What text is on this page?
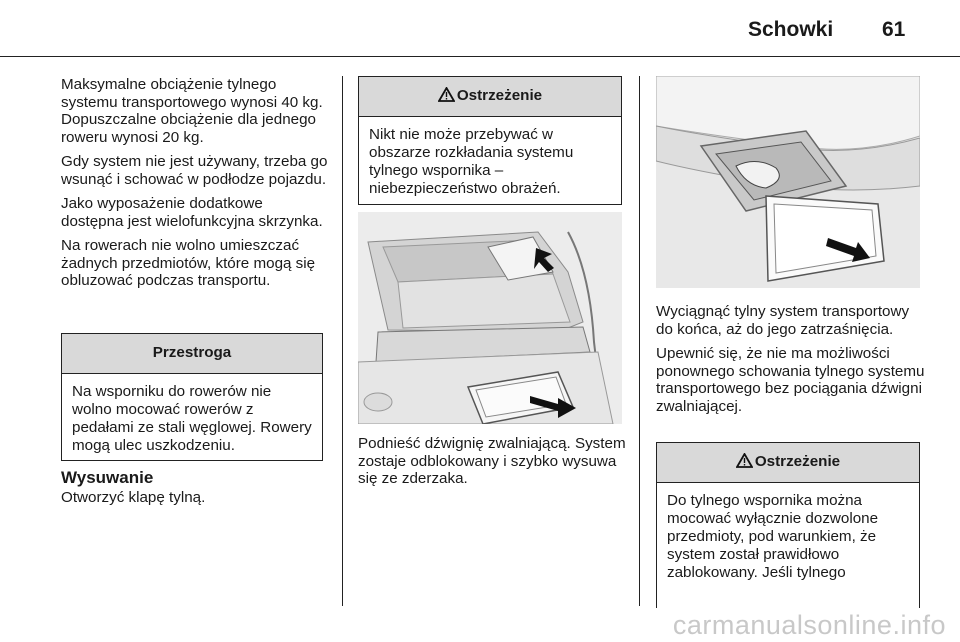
Schowki 61

Maksymalne obciążenie tylnego systemu transportowego wynosi 40 kg. Dopuszczalne obciążenie dla jednego roweru wynosi 20 kg.

Gdy system nie jest używany, trzeba go wsunąć i schować w podłodze pojazdu.

Jako wyposażenie dodatkowe dostępna jest wielofunkcyjna skrzynka.

Na rowerach nie wolno umieszczać żadnych przedmiotów, które mogą się obluzować podczas transportu.

Przestroga
Na wsporniku do rowerów nie wolno mocować rowerów z pedałami ze stali węglowej. Rowery mogą ulec uszkodzeniu.

Wysuwanie

Otworzyć klapę tylną.

Ostrzeżenie
Nikt nie może przebywać w obszarze rozkładania systemu tylnego wspornika – niebezpieczeństwo obrażeń.

Podnieść dźwignię zwalniającą. System zostaje odblokowany i szybko wysuwa się ze zderzaka.

Wyciągnąć tylny system transportowy do końca, aż do jego zatrzaśnięcia.

Upewnić się, że nie ma możliwości ponownego schowania tylnego systemu transportowego bez pociągania dźwigni zwalniającej.

Ostrzeżenie
Do tylnego wspornika można mocować wyłącznie dozwolone przedmioty, pod warunkiem, że system został prawidłowo zablokowany. Jeśli tylnego
carmanualsonline.info
